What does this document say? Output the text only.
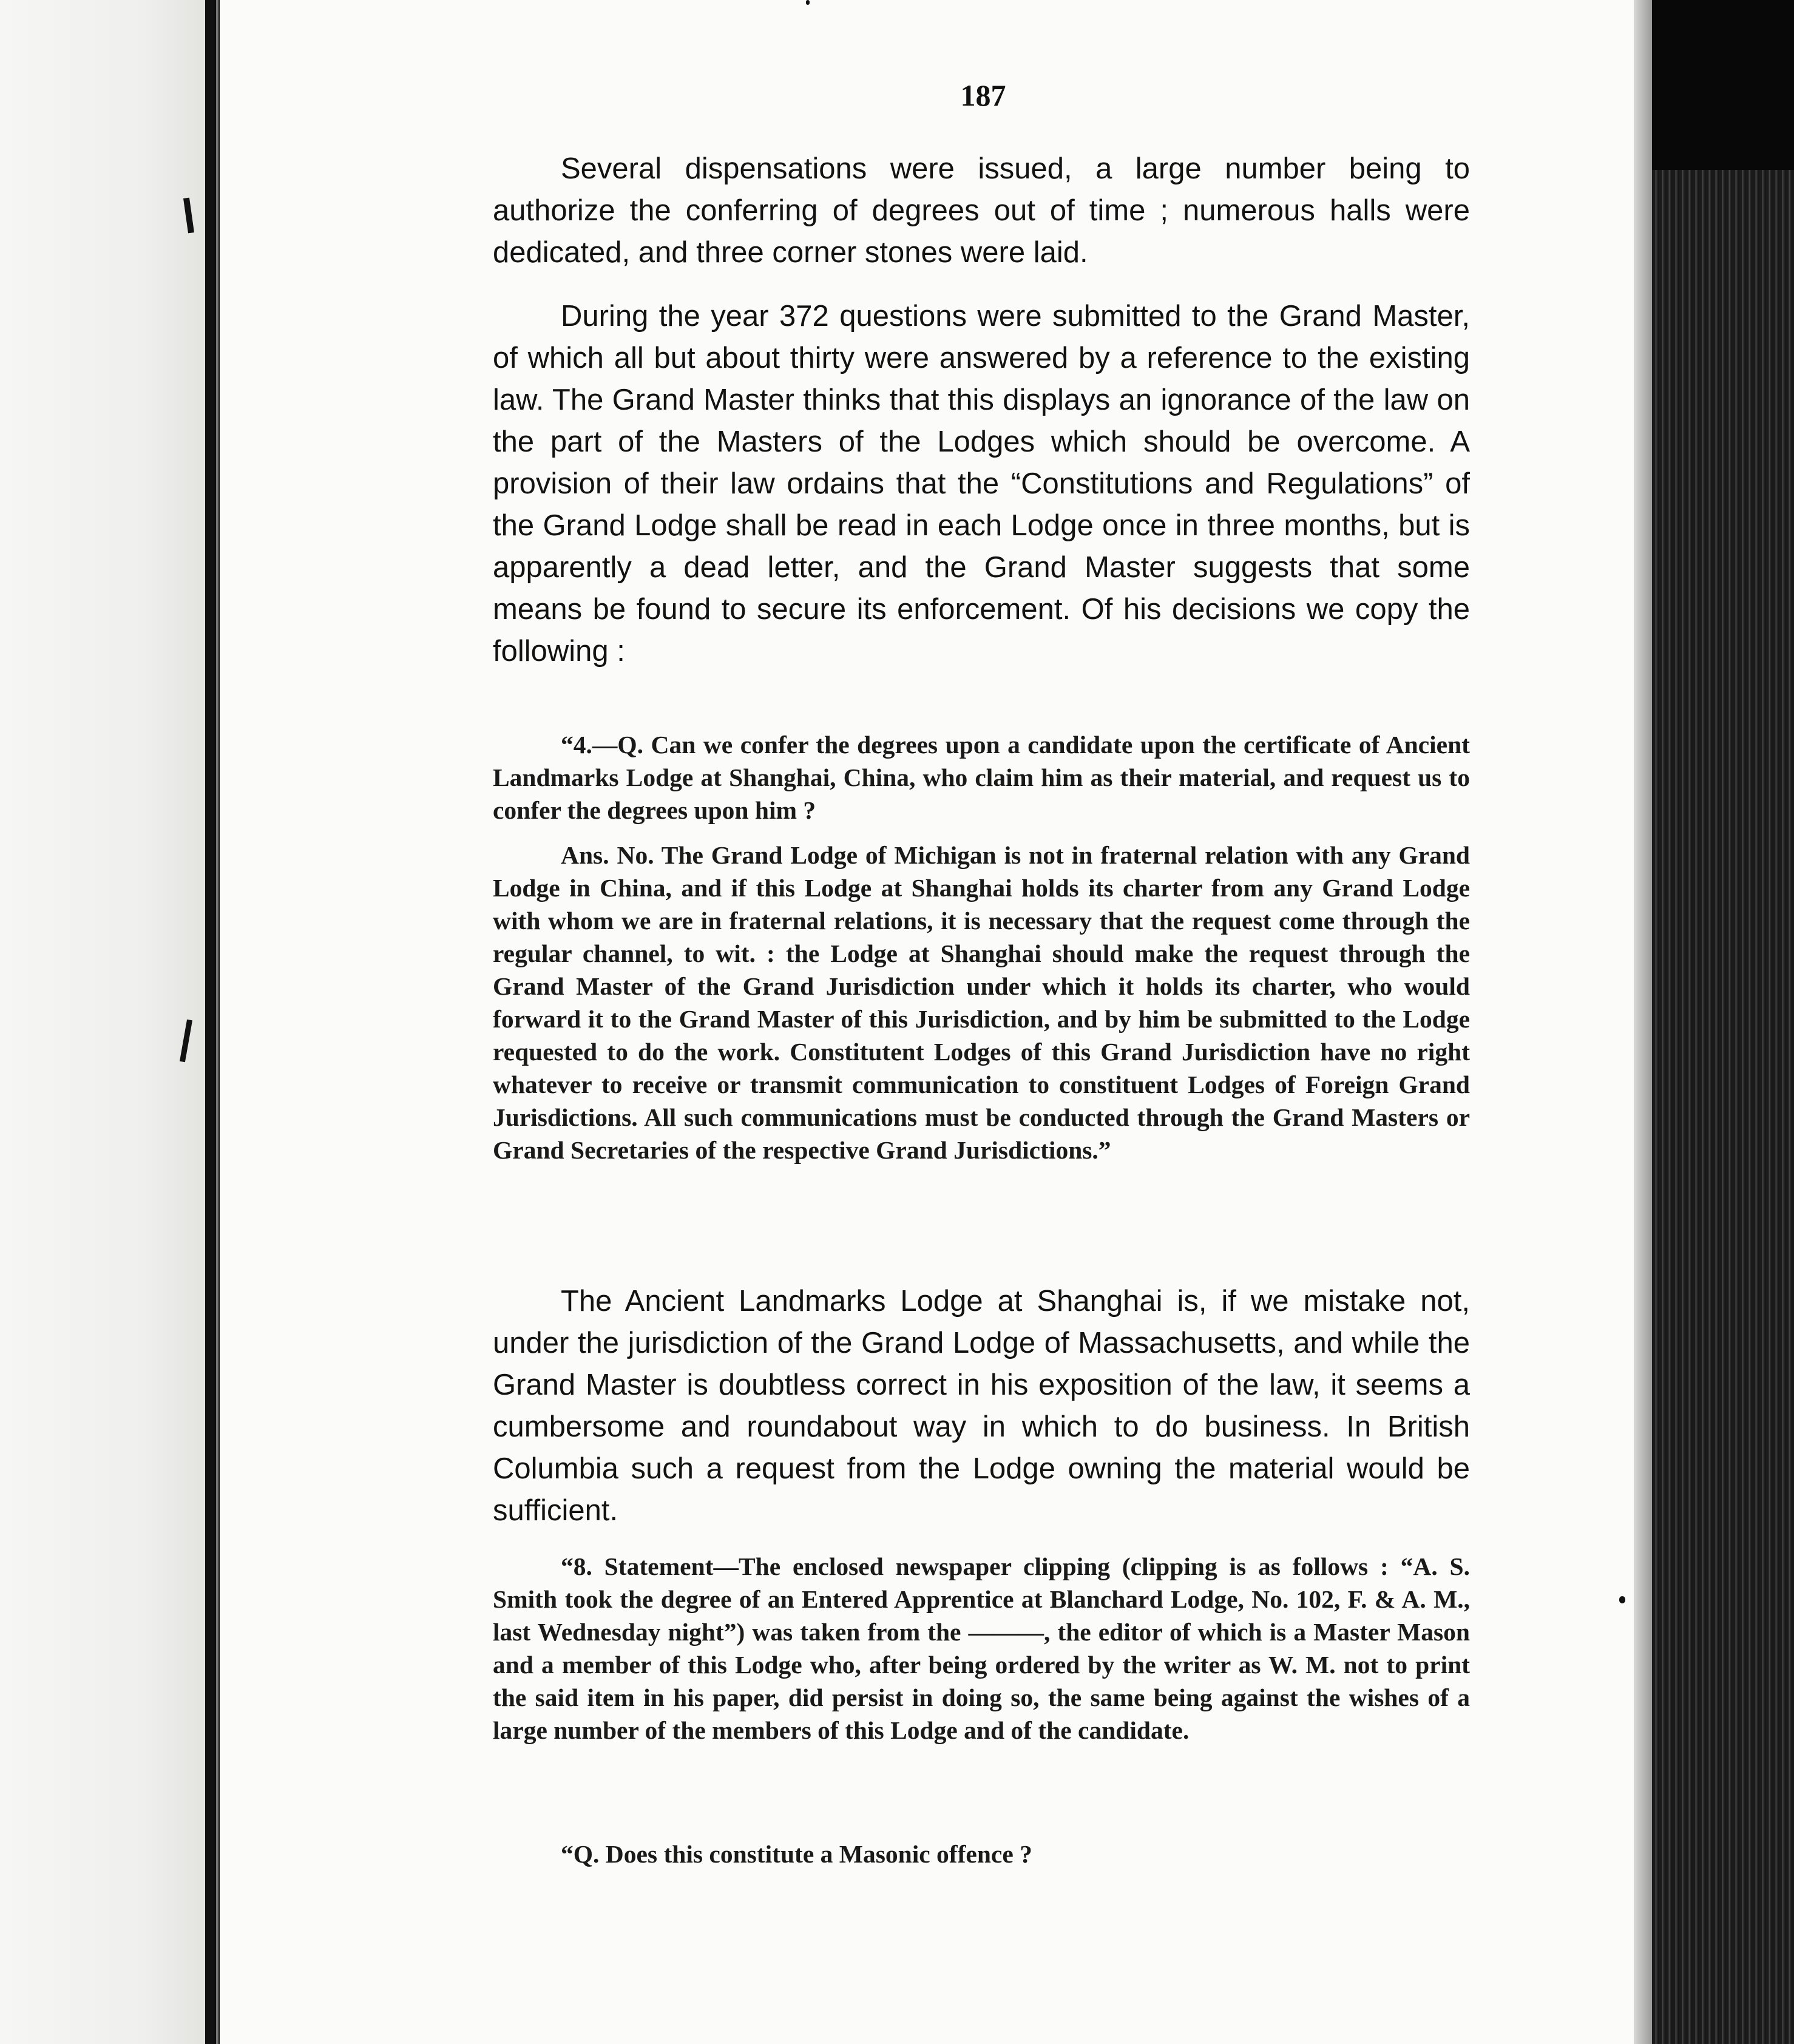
187

Several dispensations were issued, a large number being to authorize the conferring of degrees out of time ; numerous halls were dedicated, and three corner stones were laid.

During the year 372 questions were submitted to the Grand Master, of which all but about thirty were answered by a reference to the existing law. The Grand Master thinks that this displays an ignorance of the law on the part of the Masters of the Lodges which should be overcome. A provision of their law ordains that the “Constitutions and Regulations” of the Grand Lodge shall be read in each Lodge once in three months, but is apparently a dead letter, and the Grand Master suggests that some means be found to secure its enforcement. Of his decisions we copy the following :

“4.—Q. Can we confer the degrees upon a candidate upon the certificate of Ancient Landmarks Lodge at Shanghai, China, who claim him as their material, and request us to confer the degrees upon him ?

Ans. No. The Grand Lodge of Michigan is not in fraternal relation with any Grand Lodge in China, and if this Lodge at Shanghai holds its charter from any Grand Lodge with whom we are in fraternal relations, it is necessary that the request come through the regular channel, to wit. : the Lodge at Shanghai should make the request through the Grand Master of the Grand Jurisdiction under which it holds its charter, who would forward it to the Grand Master of this Jurisdiction, and by him be submitted to the Lodge requested to do the work. Constitutent Lodges of this Grand Jurisdiction have no right whatever to receive or transmit communication to constituent Lodges of Foreign Grand Jurisdictions. All such communications must be conducted through the Grand Masters or Grand Secretaries of the respective Grand Jurisdictions.”

The Ancient Landmarks Lodge at Shanghai is, if we mistake not, under the jurisdiction of the Grand Lodge of Massachusetts, and while the Grand Master is doubtless correct in his exposition of the law, it seems a cumbersome and roundabout way in which to do business. In British Columbia such a request from the Lodge owning the material would be sufficient.

“8. Statement—The enclosed newspaper clipping (clipping is as follows : “A. S. Smith took the degree of an Entered Apprentice at Blanchard Lodge, No. 102, F. & A. M., last Wednesday night”) was taken from the ———, the editor of which is a Master Mason and a member of this Lodge who, after being ordered by the writer as W. M. not to print the said item in his paper, did persist in doing so, the same being against the wishes of a large number of the members of this Lodge and of the candidate.

“Q. Does this constitute a Masonic offence ?
